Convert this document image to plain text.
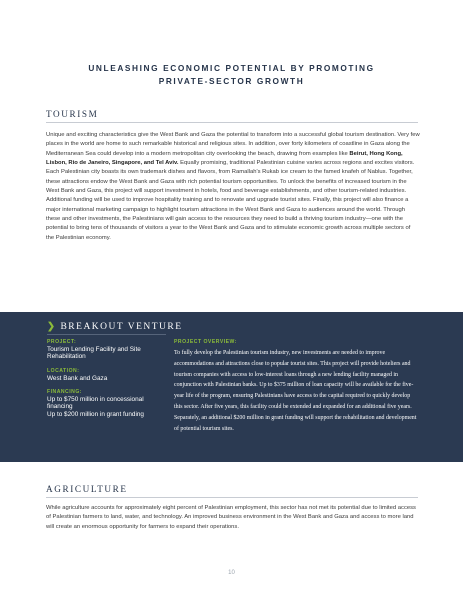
UNLEASHING ECONOMIC POTENTIAL BY PROMOTING
PRIVATE-SECTOR GROWTH
TOURISM

Unique and exciting characteristics give the West Bank and Gaza the potential to transform into a successful global tourism destination. Very few places in the world are home to such remarkable historical and religious sites. In addition, over forty kilometers of coastline in Gaza along the Mediterranean Sea could develop into a modern metropolitan city overlooking the beach, drawing from examples like Beirut, Hong Kong, Lisbon, Rio de Janeiro, Singapore, and Tel Aviv. Equally promising, traditional Palestinian cuisine varies across regions and excites visitors. Each Palestinian city boasts its own trademark dishes and flavors, from Ramallah's Rukab ice cream to the famed knafeh of Nablus. Together, these attractions endow the West Bank and Gaza with rich potential tourism opportunities. To unlock the benefits of increased tourism in the West Bank and Gaza, this project will support investment in hotels, food and beverage establishments, and other tourism-related industries. Additional funding will be used to improve hospitality training and to renovate and upgrade tourist sites. Finally, this project will also finance a major international marketing campaign to highlight tourism attractions in the West Bank and Gaza to audiences around the world. Through these and other investments, the Palestinians will gain access to the resources they need to build a thriving tourism industry—one with the potential to bring tens of thousands of visitors a year to the West Bank and Gaza and to stimulate economic growth across multiple sectors of the Palestinian economy.

❯ BREAKOUT VENTURE
PROJECT:
Tourism Lending Facility and Site Rehabilitation
LOCATION:
West Bank and Gaza
FINANCING:
Up to $750 million in concessional financing
Up to $200 million in grant funding
PROJECT OVERVIEW:

To fully develop the Palestinian tourism industry, new investments are needed to improve accommodations and attractions close to popular tourist sites. This project will provide hoteliers and tourism companies with access to low-interest loans through a new lending facility managed in conjunction with Palestinian banks. Up to $375 million of loan capacity will be available for the five-year life of the program, ensuring Palestinians have access to the capital required to quickly develop this sector. After five years, this facility could be extended and expanded for an additional five years. Separately, an additional $200 million in grant funding will support the rehabilitation and development of potential tourism sites.

AGRICULTURE

While agriculture accounts for approximately eight percent of Palestinian employment, this sector has not met its potential due to limited access of Palestinian farmers to land, water, and technology. An improved business environment in the West Bank and Gaza and access to more land will create an enormous opportunity for farmers to expand their operations.

10
